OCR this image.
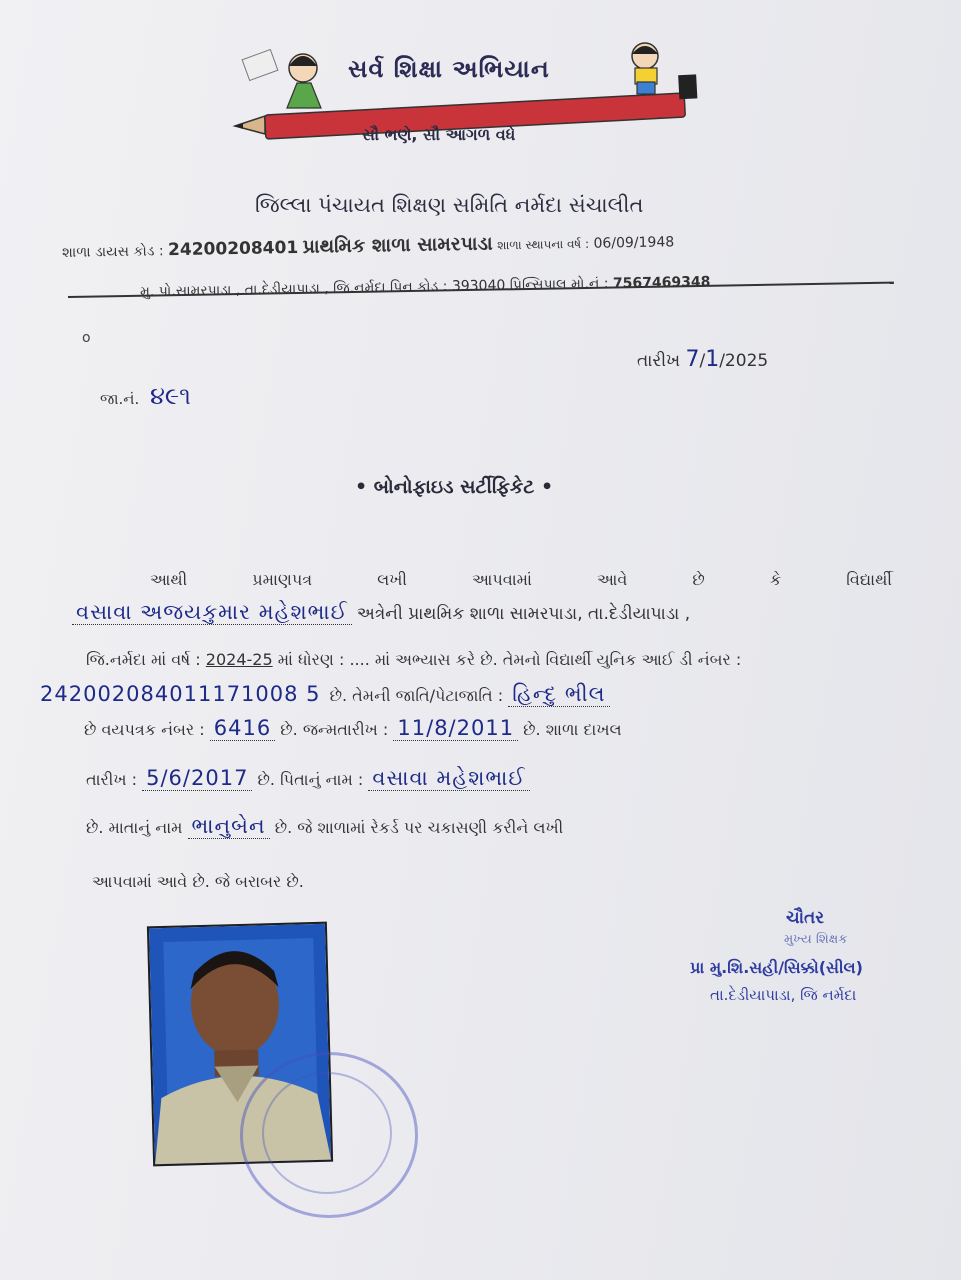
સર્વ શિક્ષા અભિયાન
સૌ ભણે, સૌ આગળ વધે
જિલ્લા પંચાયત શિક્ષણ સમિતિ નર્મદા સંચાલીત
શાળા ડાયસ કોડ : 24200208401 પ્રાથમિક શાળા સામરપાડા શાળા સ્થાપના વર્ષ : 06/09/1948
મુ. પો.સામરપાડા , તા.દેડીયાપાડા , જિ.નર્મદા પિન કોડ : 393040 પ્રિન્સિપાલ મો.નં : 7567469348
o
તારીખ 7/1/2025
જા.નં. ૪૯૧
• બોનોફાઇડ સર્ટીફિકેટ •
આથી પ્રમાણપત્ર લખી આપવામાં આવે છે કે વિદ્યાર્થી
વસાવા અજયકુમાર મહેશભાઈ અત્રેની પ્રાથમિક શાળા સામરપાડા, તા.દેડીયાપાડા ,
જિ.નર્મદા માં વર્ષ : 2024-25 માં ધોરણ : .... માં અભ્યાસ કરે છે. તેમનો વિદ્યાર્થી યુનિક આઈ ડી નંબર :
242002084011171008 5 છે. તેમની જાતિ/પેટાજાતિ : હિન્દુ ભીલ
છે વયપત્રક નંબર : 6416 છે. જન્મતારીખ : 11/8/2011 છે. શાળા દાખલ
તારીખ : 5/6/2017 છે. પિતાનું નામ : વસાવા મહેશભાઈ
છે. માતાનું નામ ભાનુબેન છે. જે શાળામાં રેકર્ડ પર ચકાસણી કરીને લખી
આપવામાં આવે છે. જે બરાબર છે.
ચૌતર
મુખ્ય શિક્ષક
પ્રા મુ.શિ.સહી/સિક્કો(સીલ)
તા.દેડીયાપાડા, જિ નર્મદા
